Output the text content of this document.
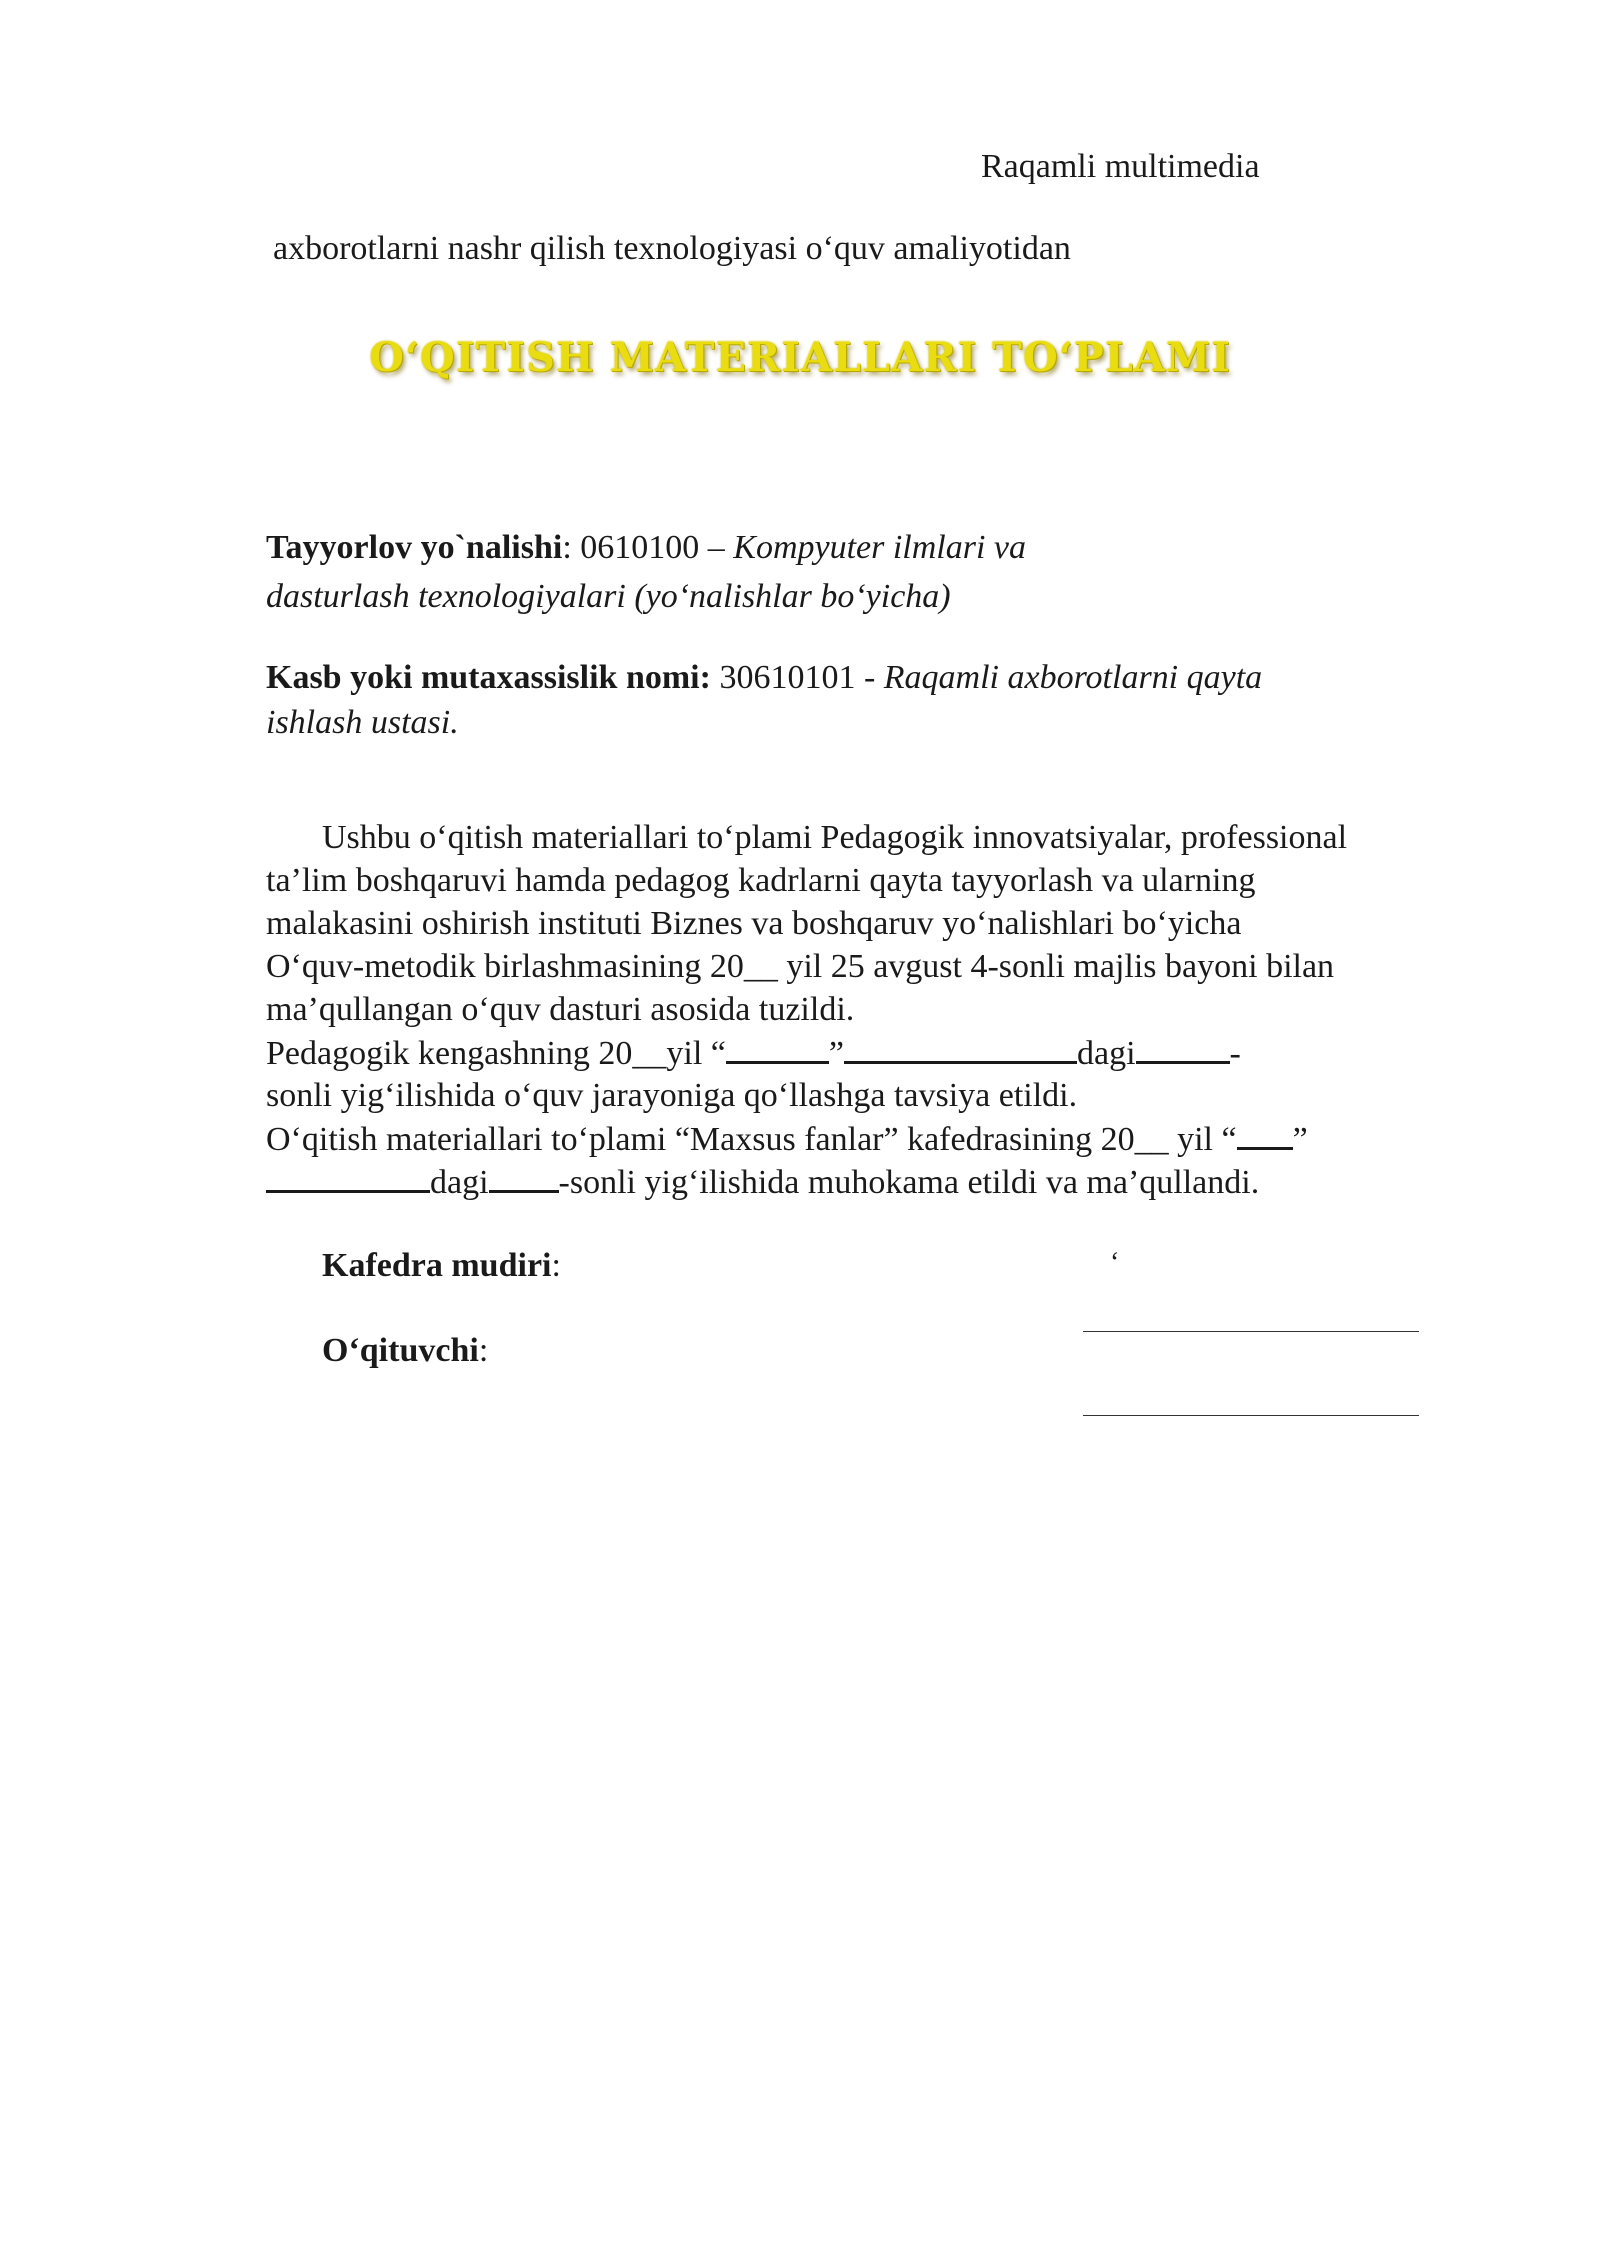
Raqamli multimedia
axborotlarni nashr qilish texnologiyasi o‘quv amaliyotidan
O‘QITISH MATERIALLARI TO‘PLAMI
Tayyorlov yo`nalishi: 0610100 – Kompyuter ilmlari va
dasturlash texnologiyalari (yo‘nalishlar bo‘yicha)
Kasb yoki mutaxassislik nomi: 30610101 - Raqamli axborotlarni qayta
ishlash ustasi.
Ushbu o‘qitish materiallari to‘plami Pedagogik innovatsiyalar, professional
ta’lim boshqaruvi hamda pedagog kadrlarni qayta tayyorlash va ularning
malakasini oshirish instituti Biznes va boshqaruv yo‘nalishlari bo‘yicha
O‘quv-metodik birlashmasining 20__ yil 25 avgust 4-sonli majlis bayoni bilan
ma’qullangan o‘quv dasturi asosida tuzildi.
Pedagogik kengashning 20__yil “	”	dagi	-
sonli yig‘ilishida o‘quv jarayoniga qo‘llashga tavsiya etildi.
O‘qitish materiallari to‘plami “Maxsus fanlar” kafedrasining 20__ yil “ ”
dagi -sonli yig‘ilishida muhokama etildi va ma’qullandi.
Kafedra mudiri:	‘
O‘qituvchi:
